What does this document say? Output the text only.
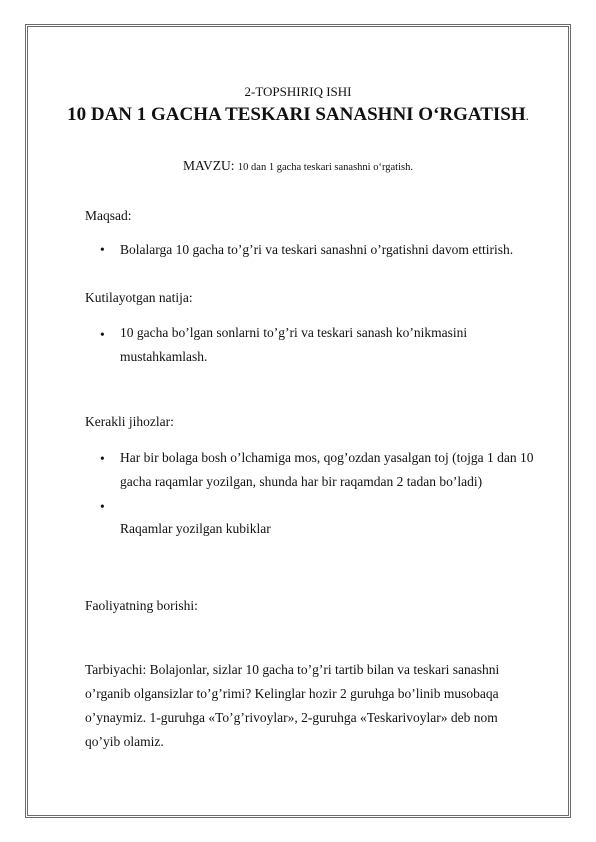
2-TOPSHIRIQ ISHI
10 DAN 1 GACHA TESKARI SANASHNI O‘RGATISH.
MAVZU: 10 dan 1 gacha teskari sanashni o‘rgatish.
Maqsad:
• Bolalarga 10 gacha to’g’ri va teskari sanashni o’rgatishni davom ettirish.
Kutilayotgan natija:
• 10 gacha bo’lgan sonlarni to’g’ri va teskari sanash ko’nikmasini mustahkamlash.
Kerakli jihozlar:
• Har bir bolaga bosh o’lchamiga mos, qog’ozdan yasalgan toj (tojga 1 dan 10 gacha raqamlar yozilgan, shunda har bir raqamdan 2 tadan bo’ladi)
•
Raqamlar yozilgan kubiklar
Faoliyatning borishi:
Tarbiyachi: Bolajonlar, sizlar 10 gacha to’g’ri tartib bilan va teskari sanashni o’rganib olgansizlar to’g’rimi? Kelinglar hozir 2 guruhga bo’linib musobaqa o’ynaymiz. 1-guruhga «To’g’rivoylar», 2-guruhga «Teskarivoylar» deb nom qo’yib olamiz.
